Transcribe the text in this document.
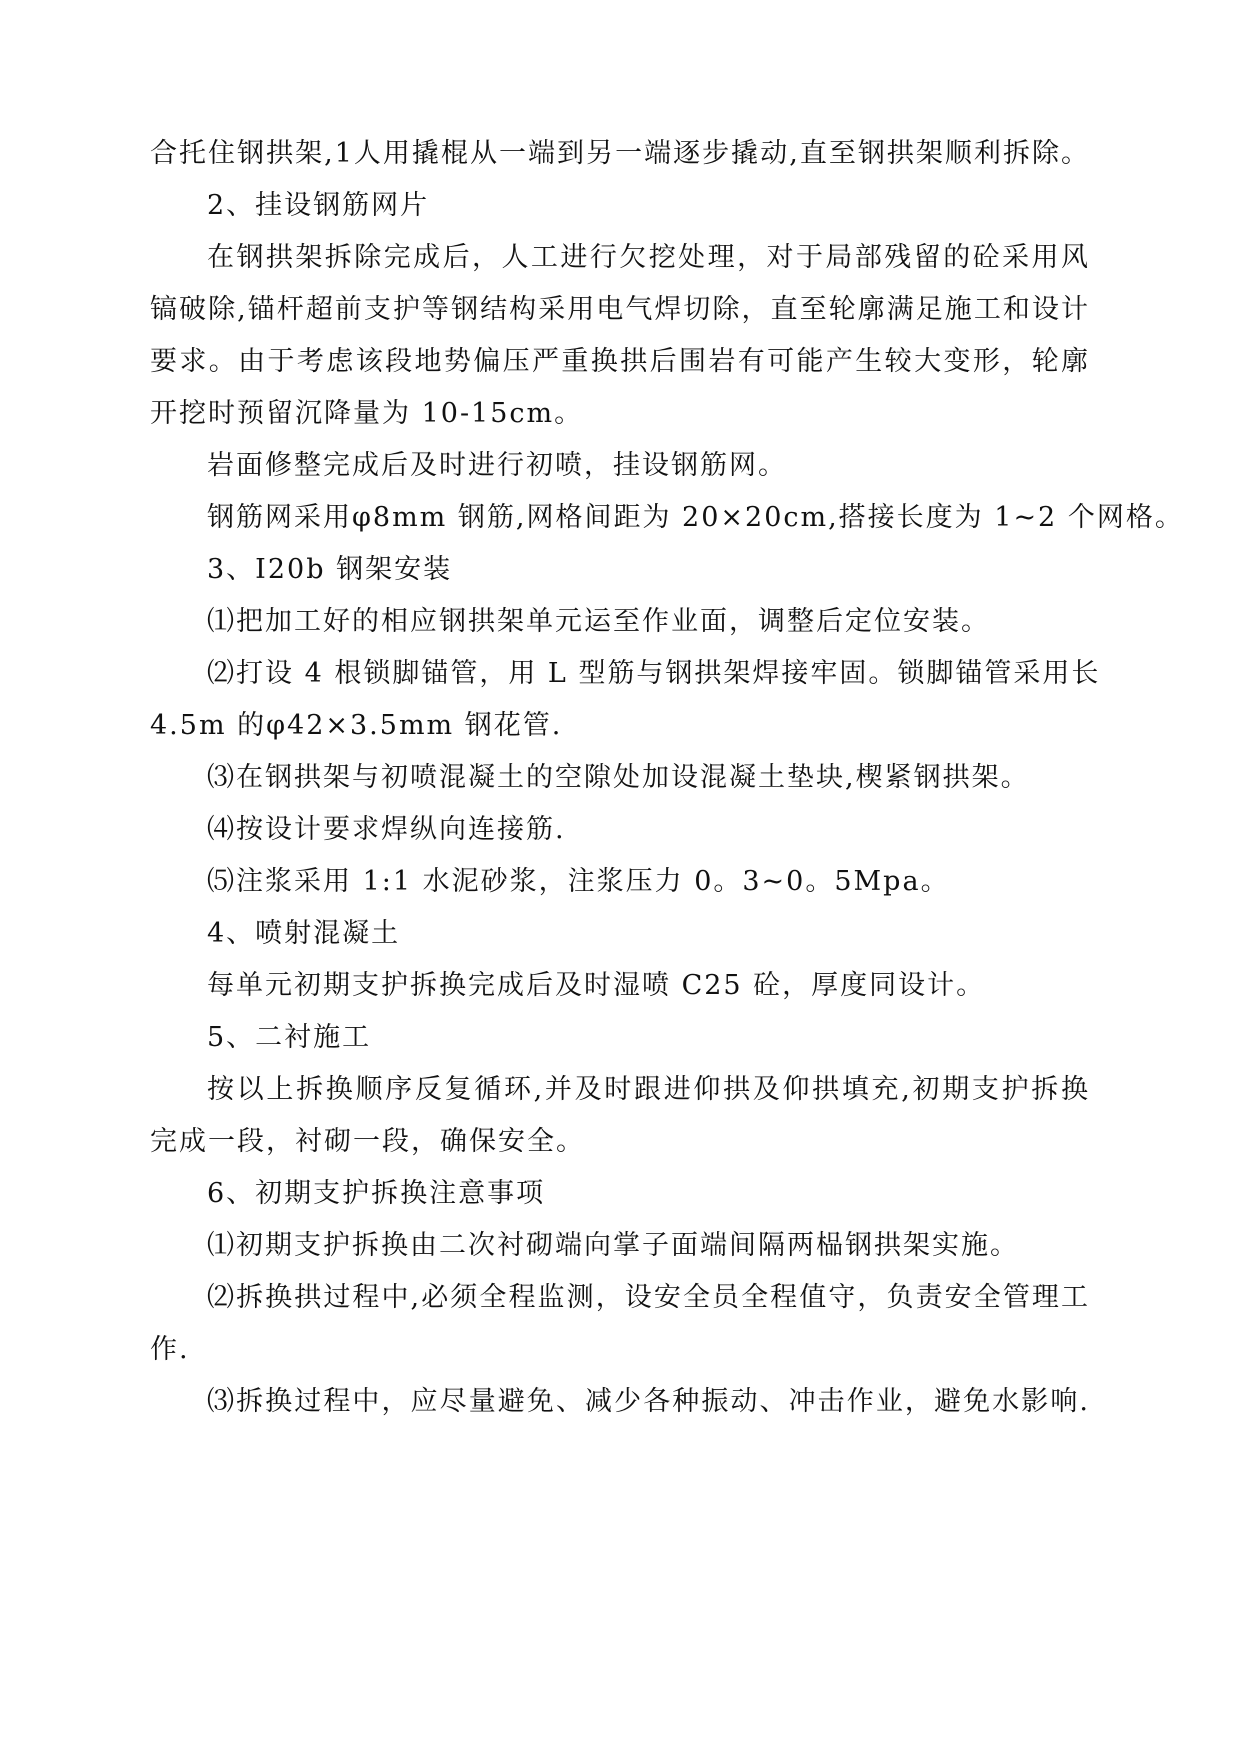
合托住钢拱架,1人用撬棍从一端到另一端逐步撬动,直至钢拱架顺利拆除。
2、挂设钢筋网片
在钢拱架拆除完成后，人工进行欠挖处理，对于局部残留的砼采用风
镐破除,锚杆超前支护等钢结构采用电气焊切除，直至轮廓满足施工和设计
要求。由于考虑该段地势偏压严重换拱后围岩有可能产生较大变形，轮廓
开挖时预留沉降量为 10-15cm。
岩面修整完成后及时进行初喷，挂设钢筋网。
钢筋网采用φ8mm 钢筋,网格间距为 20×20cm,搭接长度为 1~2 个网格。
3、I20b 钢架安装
⑴把加工好的相应钢拱架单元运至作业面，调整后定位安装。
⑵打设 4 根锁脚锚管，用 L 型筋与钢拱架焊接牢固。锁脚锚管采用长
4.5m 的φ42×3.5mm 钢花管.
⑶在钢拱架与初喷混凝土的空隙处加设混凝土垫块,楔紧钢拱架。
⑷按设计要求焊纵向连接筋.
⑸注浆采用 1:1 水泥砂浆，注浆压力 0。3~0。5Mpa。
4、喷射混凝土
每单元初期支护拆换完成后及时湿喷 C25 砼，厚度同设计。
5、二衬施工
按以上拆换顺序反复循环,并及时跟进仰拱及仰拱填充,初期支护拆换
完成一段，衬砌一段，确保安全。
6、初期支护拆换注意事项
⑴初期支护拆换由二次衬砌端向掌子面端间隔两榀钢拱架实施。
⑵拆换拱过程中,必须全程监测，设安全员全程值守，负责安全管理工
作.
⑶拆换过程中，应尽量避免、减少各种振动、冲击作业，避免水影响.
